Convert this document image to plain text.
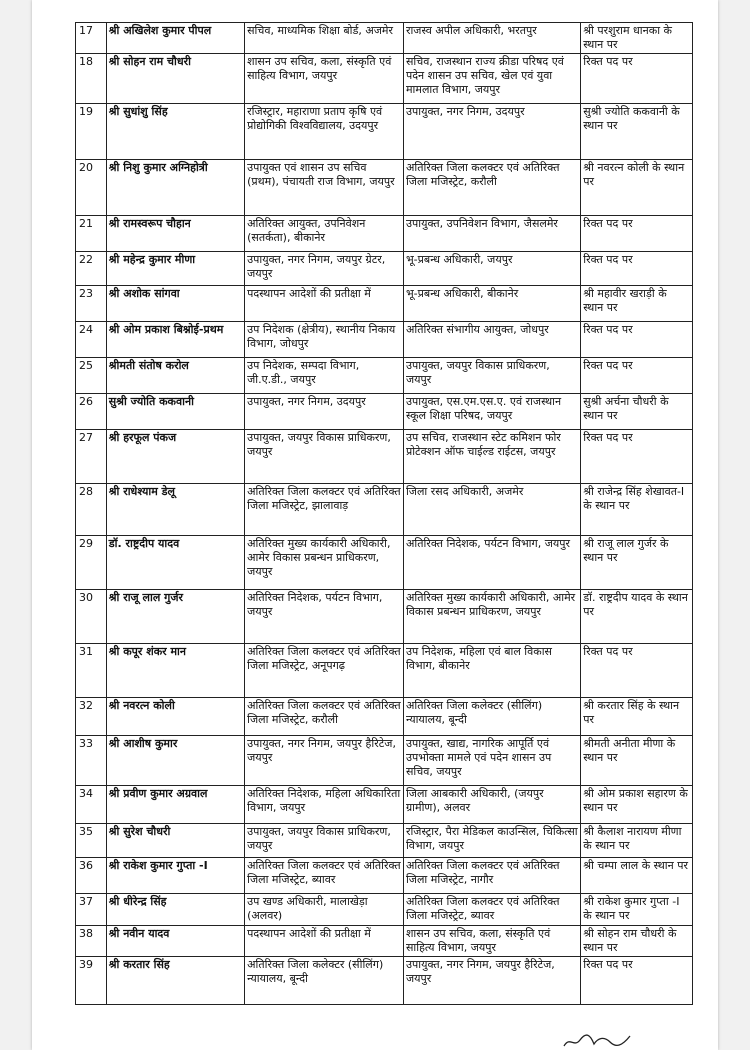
17	श्री अखिलेश कुमार पीपल	सचिव, माध्यमिक शिक्षा बोर्ड, अजमेर	राजस्व अपील अधिकारी, भरतपुर	श्री परशुराम धानका के स्थान पर
18	श्री सोहन राम चौधरी	शासन उप सचिव, कला, संस्कृति एवं साहित्य विभाग, जयपुर	सचिव, राजस्थान राज्य क्रीडा परिषद एवं पदेन शासन उप सचिव, खेल एवं युवा मामलात विभाग, जयपुर	रिक्त पद पर
19	श्री सुधांशु सिंह	रजिस्ट्रार, महाराणा प्रताप कृषि एवं प्रोद्योगिकी विश्वविद्यालय, उदयपुर	उपायुक्त, नगर निगम, उदयपुर	सुश्री ज्योति ककवानी के स्थान पर
20	श्री निशु कुमार अग्निहोत्री	उपायुक्त एवं शासन उप सचिव (प्रथम), पंचायती राज विभाग, जयपुर	अतिरिक्त जिला कलक्टर एवं अतिरिक्त जिला मजिस्ट्रेट, करौली	श्री नवरत्न कोली के स्थान पर
21	श्री रामस्वरूप चौहान	अतिरिक्त आयुक्त, उपनिवेशन (सतर्कता), बीकानेर	उपायुक्त, उपनिवेशन विभाग, जैसलमेर	रिक्त पद पर
22	श्री महेन्द्र कुमार मीणा	उपायुक्त, नगर निगम, जयपुर ग्रेटर, जयपुर	भू-प्रबन्ध अधिकारी, जयपुर	रिक्त पद पर
23	श्री अशोक सांगवा	पदस्थापन आदेशों की प्रतीक्षा में	भू-प्रबन्ध अधिकारी, बीकानेर	श्री महावीर खराड़ी के स्थान पर
24	श्री ओम प्रकाश बिश्नोई-प्रथम	उप निदेशक (क्षेत्रीय), स्थानीय निकाय विभाग, जोधपुर	अतिरिक्त संभागीय आयुक्त, जोधपुर	रिक्त पद पर
25	श्रीमती संतोष करोल	उप निदेशक, सम्पदा विभाग, जी.ए.डी., जयपुर	उपायुक्त, जयपुर विकास प्राधिकरण, जयपुर	रिक्त पद पर
26	सुश्री ज्योति ककवानी	उपायुक्त, नगर निगम, उदयपुर	उपायुक्त, एस.एम.एस.ए. एवं राजस्थान स्कूल शिक्षा परिषद, जयपुर	सुश्री अर्चना चौधरी के स्थान पर
27	श्री हरफूल पंकज	उपायुक्त, जयपुर विकास प्राधिकरण, जयपुर	उप सचिव, राजस्थान स्टेट कमिशन फोर प्रोटेक्शन ऑफ चाईल्ड राईटस, जयपुर	रिक्त पद पर
28	श्री राधेश्याम डेलू	अतिरिक्त जिला कलक्टर एवं अतिरिक्त जिला मजिस्ट्रेट, झालावाड़	जिला रसद अधिकारी, अजमेर	श्री राजेन्द्र सिंह शेखावत-I के स्थान पर
29	डॉ. राष्ट्रदीप यादव	अतिरिक्त मुख्य कार्यकारी अधिकारी, आमेर विकास प्रबन्धन प्राधिकरण, जयपुर	अतिरिक्त निदेशक, पर्यटन विभाग, जयपुर	श्री राजू लाल गुर्जर के स्थान पर
30	श्री राजू लाल गुर्जर	अतिरिक्त निदेशक, पर्यटन विभाग, जयपुर	अतिरिक्त मुख्य कार्यकारी अधिकारी, आमेर विकास प्रबन्धन प्राधिकरण, जयपुर	डॉ. राष्ट्रदीप यादव के स्थान पर
31	श्री कपूर शंकर मान	अतिरिक्त जिला कलक्टर एवं अतिरिक्त जिला मजिस्ट्रेट, अनूपगढ़	उप निदेशक, महिला एवं बाल विकास विभाग, बीकानेर	रिक्त पद पर
32	श्री नवरत्न कोली	अतिरिक्त जिला कलक्टर एवं अतिरिक्त जिला मजिस्ट्रेट, करौली	अतिरिक्त जिला कलेक्टर (सीलिंग) न्यायालय, बून्दी	श्री करतार सिंह के स्थान पर
33	श्री आशीष कुमार	उपायुक्त, नगर निगम, जयपुर हैरिटेज, जयपुर	उपायुक्त, खाद्य, नागरिक आपूर्ति एवं उपभोक्ता मामले एवं पदेन शासन उप सचिव, जयपुर	श्रीमती अनीता मीणा के स्थान पर
34	श्री प्रवीण कुमार अग्रवाल	अतिरिक्त निदेशक, महिला अधिकारिता विभाग, जयपुर	जिला आबकारी अधिकारी, (जयपुर ग्रामीण), अलवर	श्री ओम प्रकाश सहारण के स्थान पर
35	श्री सुरेश चौधरी	उपायुक्त, जयपुर विकास प्राधिकरण, जयपुर	रजिस्ट्रार, पैरा मेडिकल काउन्सिल, चिकित्सा विभाग, जयपुर	श्री कैलाश नारायण मीणा के स्थान पर
36	श्री राकेश कुमार गुप्ता -I	अतिरिक्त जिला कलक्टर एवं अतिरिक्त जिला मजिस्ट्रेट, ब्यावर	अतिरिक्त जिला कलक्टर एवं अतिरिक्त जिला मजिस्ट्रेट, नागौर	श्री चम्पा लाल के स्थान पर
37	श्री धीरेन्द्र सिंह	उप खण्ड अधिकारी, मालाखेड़ा (अलवर)	अतिरिक्त जिला कलक्टर एवं अतिरिक्त जिला मजिस्ट्रेट, ब्यावर	श्री राकेश कुमार गुप्ता -I के स्थान पर
38	श्री नवीन यादव	पदस्थापन आदेशों की प्रतीक्षा में	शासन उप सचिव, कला, संस्कृति एवं साहित्य विभाग, जयपुर	श्री सोहन राम चौधरी के स्थान पर
39	श्री करतार सिंह	अतिरिक्त जिला कलेक्टर (सीलिंग) न्यायालय, बून्दी	उपायुक्त, नगर निगम, जयपुर हैरिटेज, जयपुर	रिक्त पद पर
